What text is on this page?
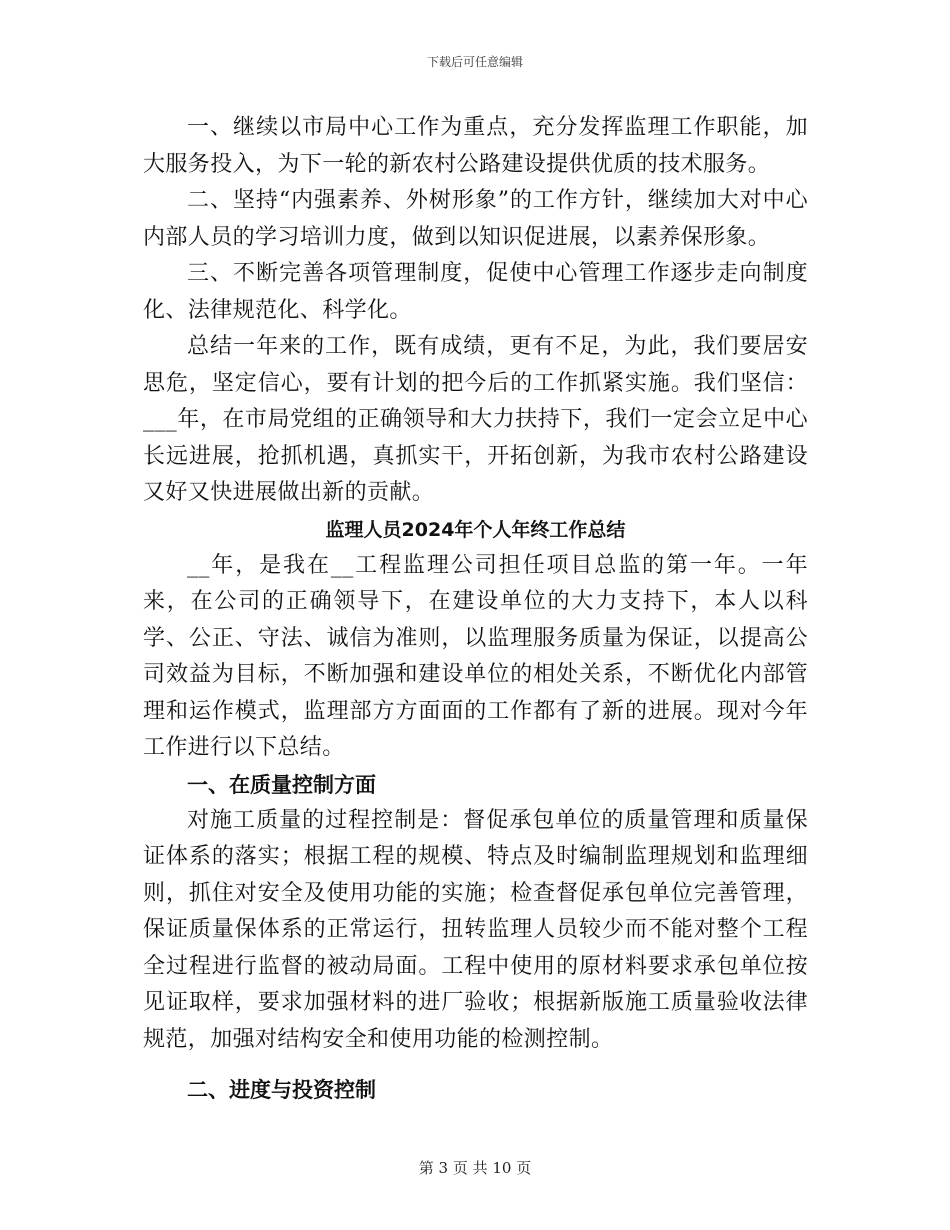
下载后可任意编辑

一、继续以市局中心工作为重点，充分发挥监理工作职能，加大服务投入，为下一轮的新农村公路建设提供优质的技术服务。

二、坚持“内强素养、外树形象”的工作方针，继续加大对中心内部人员的学习培训力度，做到以知识促进展，以素养保形象。

三、不断完善各项管理制度，促使中心管理工作逐步走向制度化、法律规范化、科学化。

总结一年来的工作，既有成绩，更有不足，为此，我们要居安思危，坚定信心，要有计划的把今后的工作抓紧实施。我们坚信：___年，在市局党组的正确领导和大力扶持下，我们一定会立足中心长远进展，抢抓机遇，真抓实干，开拓创新，为我市农村公路建设又好又快进展做出新的贡献。

监理人员2024年个人年终工作总结

__年，是我在__工程监理公司担任项目总监的第一年。一年来，在公司的正确领导下，在建设单位的大力支持下，本人以科学、公正、守法、诚信为准则，以监理服务质量为保证，以提高公司效益为目标，不断加强和建设单位的相处关系，不断优化内部管理和运作模式，监理部方方面面的工作都有了新的进展。现对今年工作进行以下总结。

一、在质量控制方面

对施工质量的过程控制是：督促承包单位的质量管理和质量保证体系的落实；根据工程的规模、特点及时编制监理规划和监理细则，抓住对安全及使用功能的实施；检查督促承包单位完善管理，保证质量保体系的正常运行，扭转监理人员较少而不能对整个工程全过程进行监督的被动局面。工程中使用的原材料要求承包单位按见证取样，要求加强材料的进厂验收；根据新版施工质量验收法律规范，加强对结构安全和使用功能的检测控制。

二、进度与投资控制

第 3 页 共 10 页
